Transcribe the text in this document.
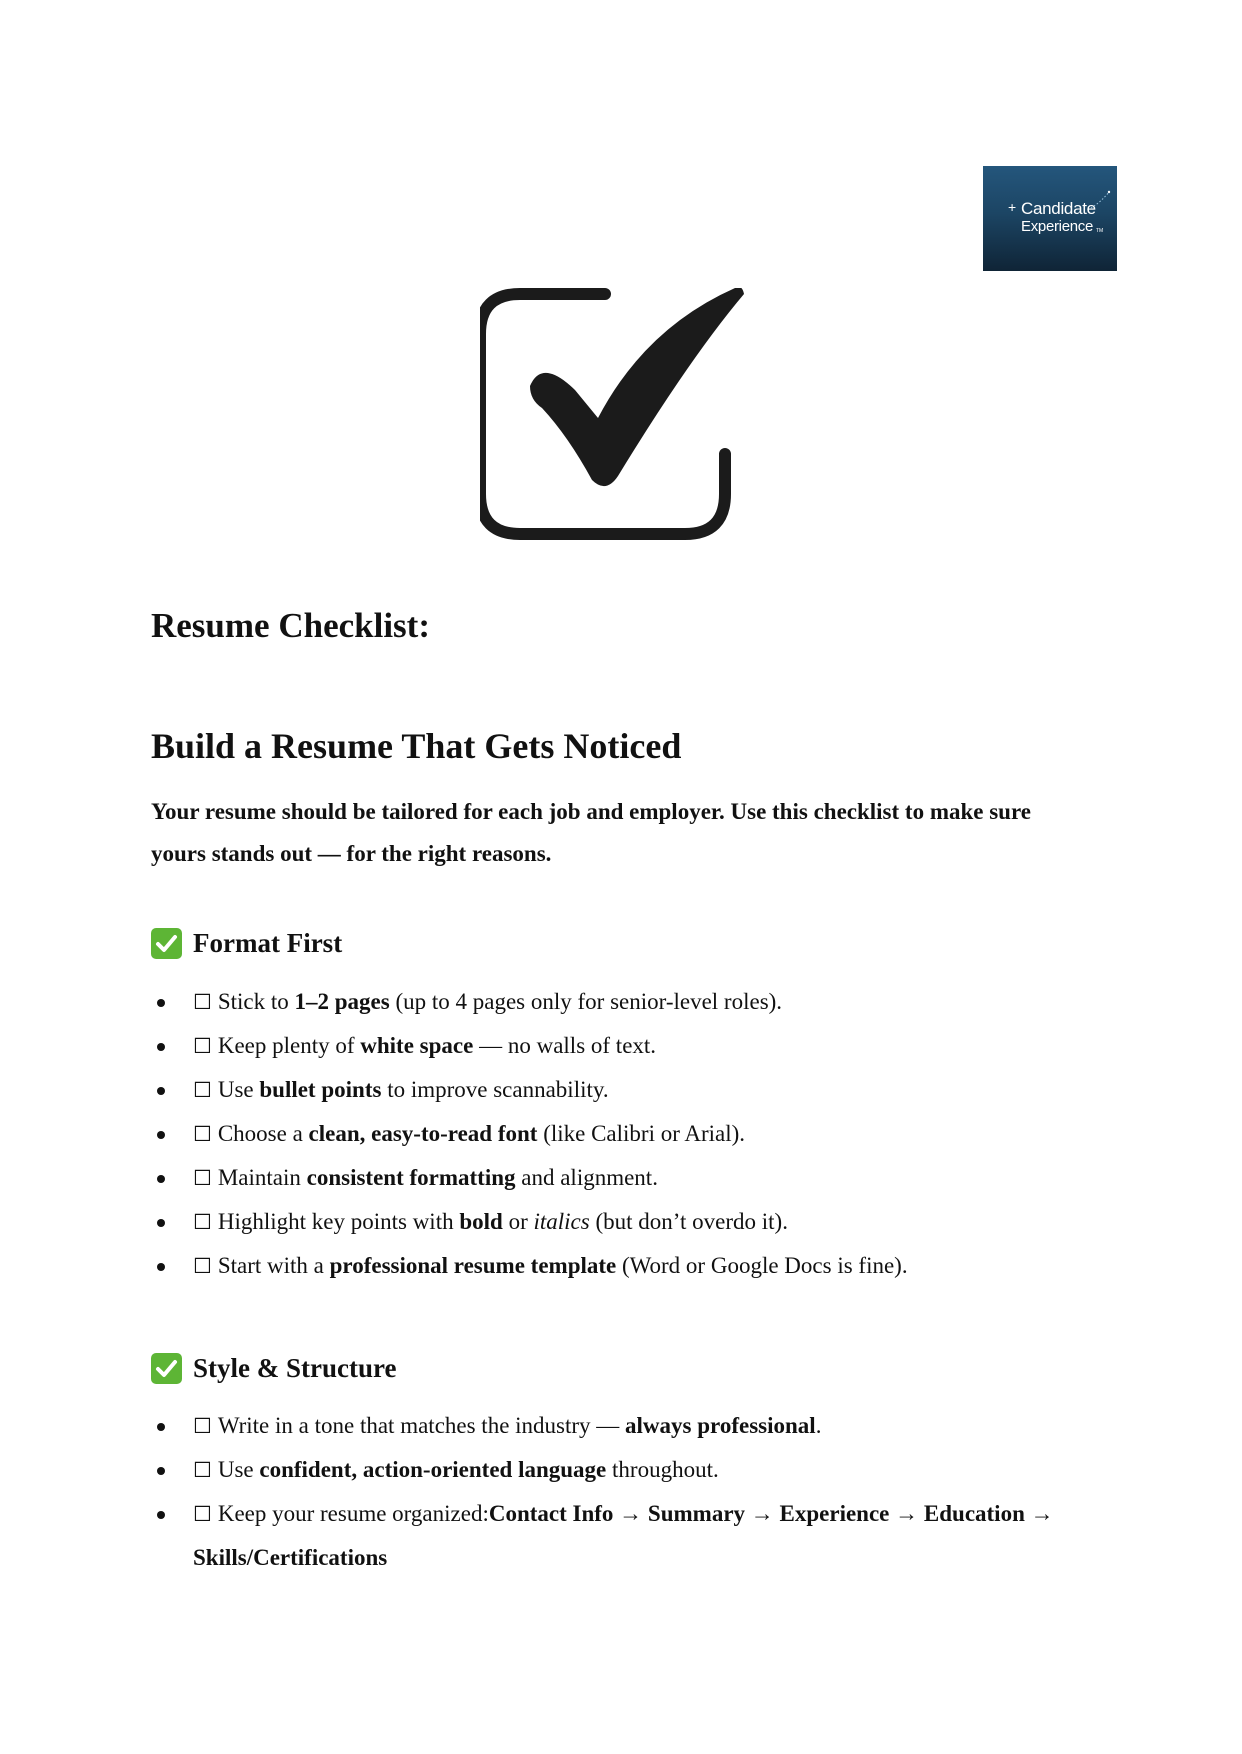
+ Candidate
Experience TM
Resume Checklist:
Build a Resume That Gets Noticed
Your resume should be tailored for each job and employer. Use this checklist to make sure yours stands out — for the right reasons.
Format First
☐ Stick to 1–2 pages (up to 4 pages only for senior-level roles).
☐ Keep plenty of white space — no walls of text.
☐ Use bullet points to improve scannability.
☐ Choose a clean, easy-to-read font (like Calibri or Arial).
☐ Maintain consistent formatting and alignment.
☐ Highlight key points with bold or italics (but don’t overdo it).
☐ Start with a professional resume template (Word or Google Docs is fine).
Style & Structure
☐ Write in a tone that matches the industry — always professional.
☐ Use confident, action-oriented language throughout.
☐ Keep your resume organized:Contact Info → Summary → Experience → Education → Skills/Certifications
